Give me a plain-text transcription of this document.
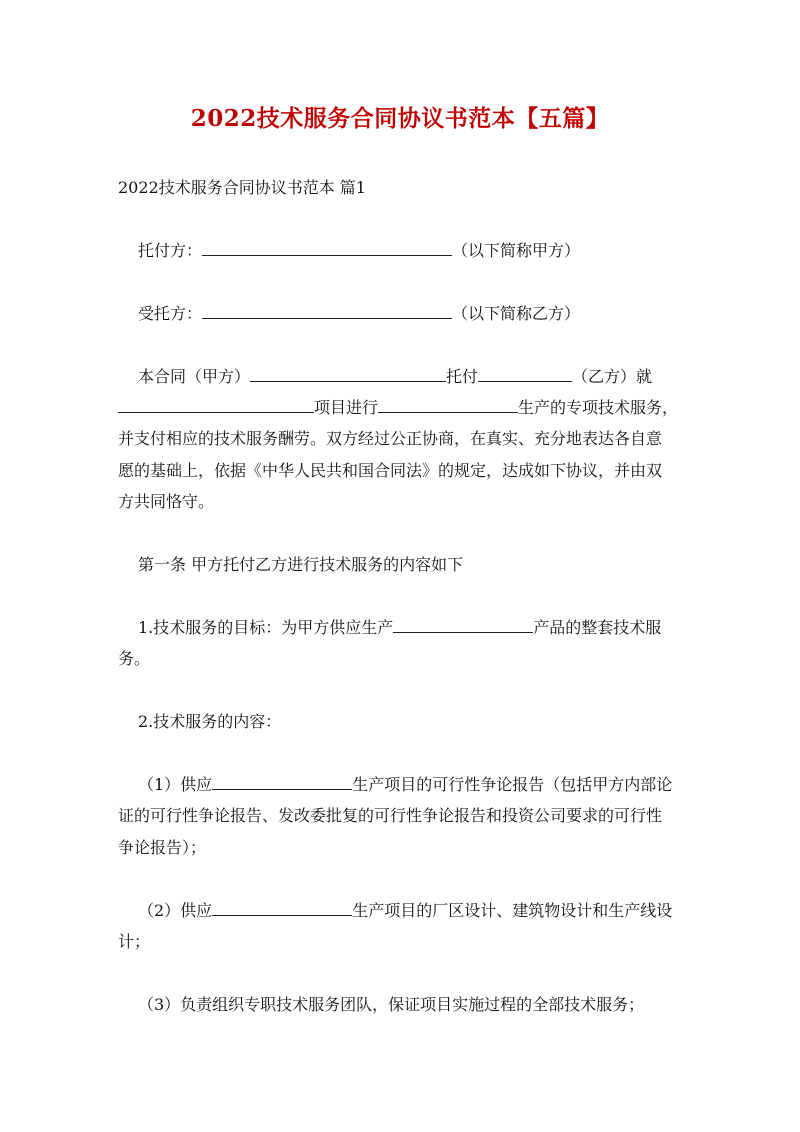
2022技术服务合同协议书范本【五篇】
2022技术服务合同协议书范本 篇1
托付方：	（以下简称甲方）
受托方：	（以下简称乙方）
本合同（甲方）	托付	（乙方）就
项目进行	生产的专项技术服务，
并支付相应的技术服务酬劳。双方经过公正协商，在真实、充分地表达各自意
愿的基础上，依据《中华人民共和国合同法》的规定，达成如下协议，并由双
方共同恪守。
第一条 甲方托付乙方进行技术服务的内容如下
1.技术服务的目标：为甲方供应生产	产品的整套技术服
务。
2.技术服务的内容：
（1）供应	生产项目的可行性争论报告（包括甲方内部论
证的可行性争论报告、发改委批复的可行性争论报告和投资公司要求的可行性
争论报告）；
（2）供应	生产项目的厂区设计、建筑物设计和生产线设
计；
（3）负责组织专职技术服务团队，保证项目实施过程的全部技术服务；
